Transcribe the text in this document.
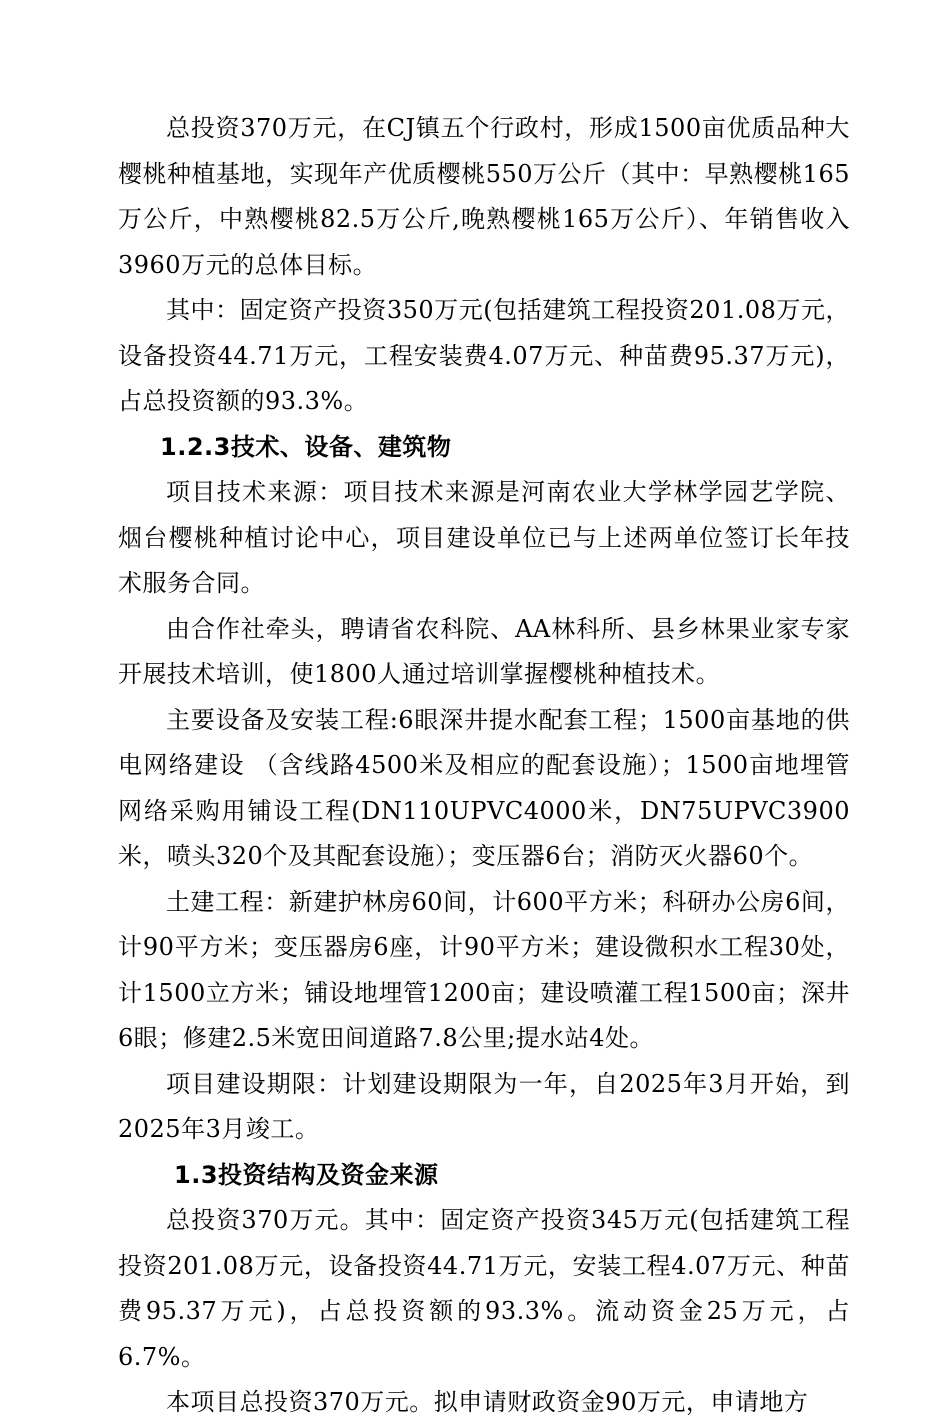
总投资370万元，在CJ镇五个行政村，形成1500亩优质品种大樱桃种植基地，实现年产优质樱桃550万公斤（其中：早熟樱桃165万公斤，中熟樱桃82.5万公斤,晚熟樱桃165万公斤）、年销售收入3960万元的总体目标。

其中：固定资产投资350万元(包括建筑工程投资201.08万元，设备投资44.71万元，工程安装费4.07万元、种苗费95.37万元)，占总投资额的93.3%。

1.2.3技术、设备、建筑物

项目技术来源：项目技术来源是河南农业大学林学园艺学院、烟台樱桃种植讨论中心，项目建设单位已与上述两单位签订长年技术服务合同。

由合作社牵头，聘请省农科院、AA林科所、县乡林果业家专家开展技术培训，使1800人通过培训掌握樱桃种植技术。

主要设备及安装工程:6眼深井提水配套工程；1500亩基地的供电网络建设 （含线路4500米及相应的配套设施）；1500亩地埋管网络采购用铺设工程(DN110UPVC4000米，DN75UPVC3900米，喷头320个及其配套设施）；变压器6台；消防灭火器60个。

土建工程：新建护林房60间，计600平方米；科研办公房6间，计90平方米；变压器房6座，计90平方米；建设微积水工程30处，计1500立方米；铺设地埋管1200亩；建设喷灌工程1500亩；深井6眼；修建2.5米宽田间道路7.8公里;提水站4处。

项目建设期限：计划建设期限为一年，自2025年3月开始，到2025年3月竣工。

1.3投资结构及资金来源

总投资370万元。其中：固定资产投资345万元(包括建筑工程投资201.08万元，设备投资44.71万元，安装工程4.07万元、种苗费95.37万元)，占总投资额的93.3%。流动资金25万元，占6.7%。

本项目总投资370万元。拟申请财政资金90万元，申请地方
